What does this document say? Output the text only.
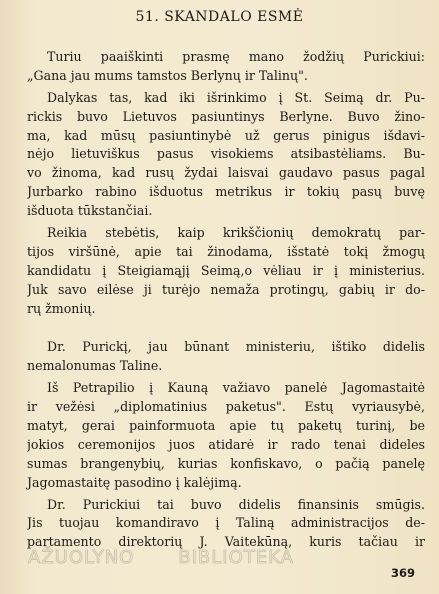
51. SKANDALO ESMĖ
Turiu paaiškinti prasmę mano žodžių Purickiui:
„Gana jau mums tamstos Berlynų ir Talinų".
Dalykas tas, kad iki išrinkimo į St. Seimą dr. Pu-
rickis buvo Lietuvos pasiuntinys Berlyne. Buvo žino-
ma, kad mūsų pasiuntinybė už gerus pinigus išdavi-
nėjo lietuviškus pasus visokiems atsibastėliams. Bu-
vo žinoma, kad rusų žydai laisvai gaudavo pasus pagal
Jurbarko rabino išduotus metrikus ir tokių pasų buvę
išduota tūkstančiai.
Reikia stebėtis, kaip krikščionių demokratų par-
tijos viršūnė, apie tai žinodama, išstatė tokį žmogų
kandidatu į Steigiamąjį Seimą,o vėliau ir į ministerius.
Juk savo eilėse ji turėjo nemaža protingų, gabių ir do-
rų žmonių.
Dr. Purickį, jau būnant ministeriu, ištiko didelis
nemalonumas Taline.
Iš Petrapilio į Kauną važiavo panelė Jagomastaitė
ir vežėsi „diplomatinius paketus". Estų vyriausybė,
matyt, gerai painformuota apie tų paketų turinį, be
jokios ceremonijos juos atidarė ir rado tenai dideles
sumas brangenybių, kurias konfiskavo, o pačią panelę
Jagomastaitę pasodino į kalėjimą.
Dr. Purickiui tai buvo didelis finansinis smūgis.
Jis tuojau komandiravo į Taliną administracijos de-
partamento direktorių J. Vaitekūną, kuris tačiau ir
AŽUOLYNO BIBLIOTEKA
369
